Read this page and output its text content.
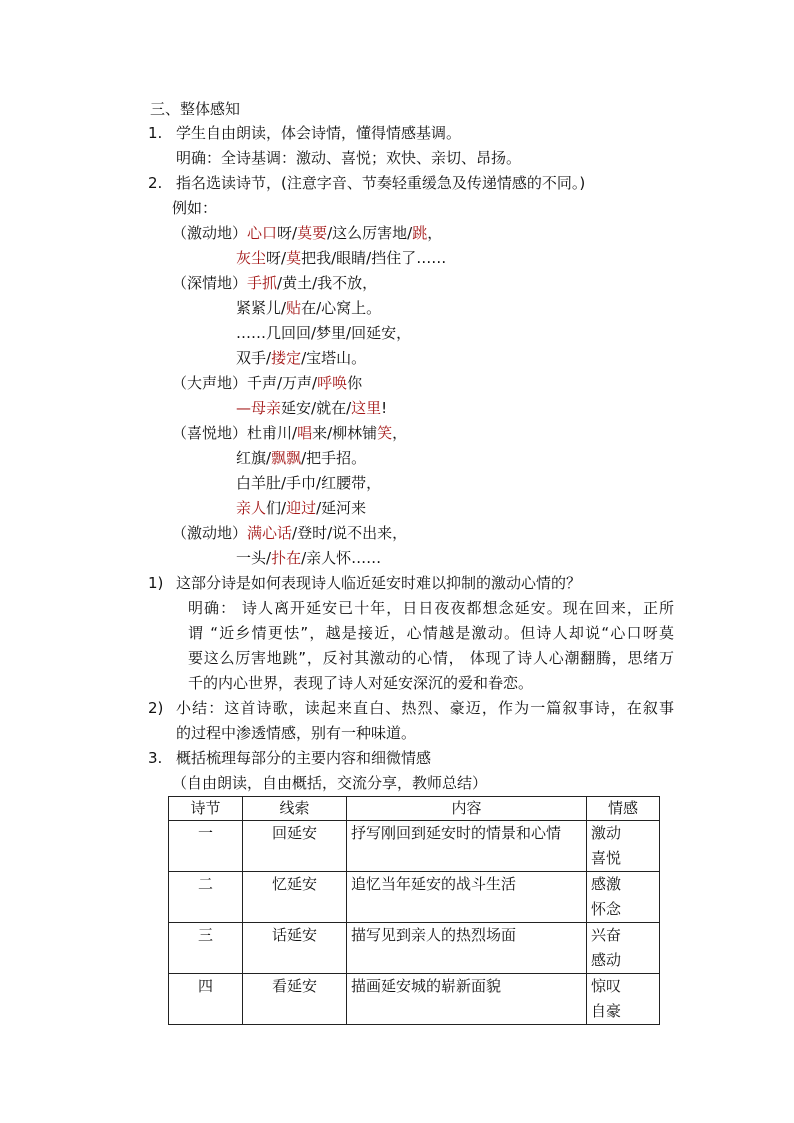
三、整体感知
1. 学生自由朗读，体会诗情，懂得情感基调。
明确：全诗基调：激动、喜悦；欢快、亲切、昂扬。
2. 指名选读诗节，(注意字音、节奏轻重缓急及传递情感的不同。)
例如：
（激动地）心口呀/莫要/这么厉害地/跳，
灰尘呀/莫把我/眼睛/挡住了……
（深情地）手抓/黄土/我不放，
紧紧儿/贴在/心窝上。
……几回回/梦里/回延安，
双手/搂定/宝塔山。
（大声地）千声/万声/呼唤你
—母亲延安/就在/这里!
（喜悦地）杜甫川/唱来/柳林铺笑，
红旗/飘飘/把手招。
白羊肚/手巾/红腰带，
亲人们/迎过/延河来
（激动地）满心话/登时/说不出来，
一头/扑在/亲人怀……
1) 这部分诗是如何表现诗人临近延安时难以抑制的激动心情的？
明确： 诗人离开延安已十年，日日夜夜都想念延安。现在回来，正所
谓 “近乡情更怯”，越是接近，心情越是激动。但诗人却说“心口呀莫
要这么厉害地跳”，反衬其激动的心情， 体现了诗人心潮翻腾，思绪万
千的内心世界，表现了诗人对延安深沉的爱和眷恋。
2) 小结：这首诗歌，读起来直白、热烈、豪迈，作为一篇叙事诗，在叙事
的过程中渗透情感，别有一种味道。
3. 概括梳理每部分的主要内容和细微情感
（自由朗读，自由概括，交流分享，教师总结）
诗节	线索	内容	情感
一	回延安	抒写刚回到延安时的情景和心情	激动
喜悦

二	忆延安	追忆当年延安的战斗生活	感激
怀念

三	话延安	描写见到亲人的热烈场面	兴奋
感动

四	看延安	描画延安城的崭新面貌	惊叹
自豪
